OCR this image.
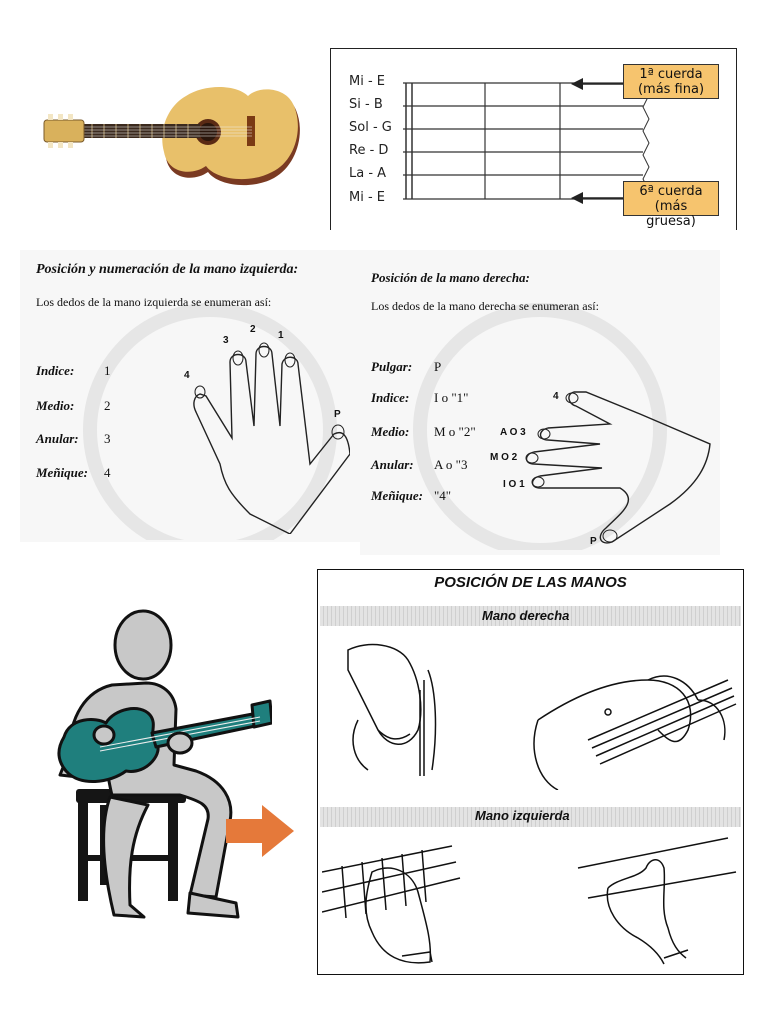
Mi - E
Si - B
Sol - G
Re - D
La - A
Mi - E
1ª cuerda
(más fina)
6ª cuerda
(más gruesa)
Posición y numeración de la mano izquierda:
Los dedos de la mano izquierda se enumeran así:
Indice: 1
Medio: 2
Anular: 3
Meñique: 4
1
2
3
4
P
Posición de la mano derecha:
Los dedos de la mano derecha se enumeran así:
Pulgar: P
Indice: I o "1"
Medio: M o "2"
Anular: A o "3
Meñique: "4"
4
A O 3
M O 2
I O 1
P
POSICIÓN DE LAS MANOS
Mano derecha
Mano izquierda
